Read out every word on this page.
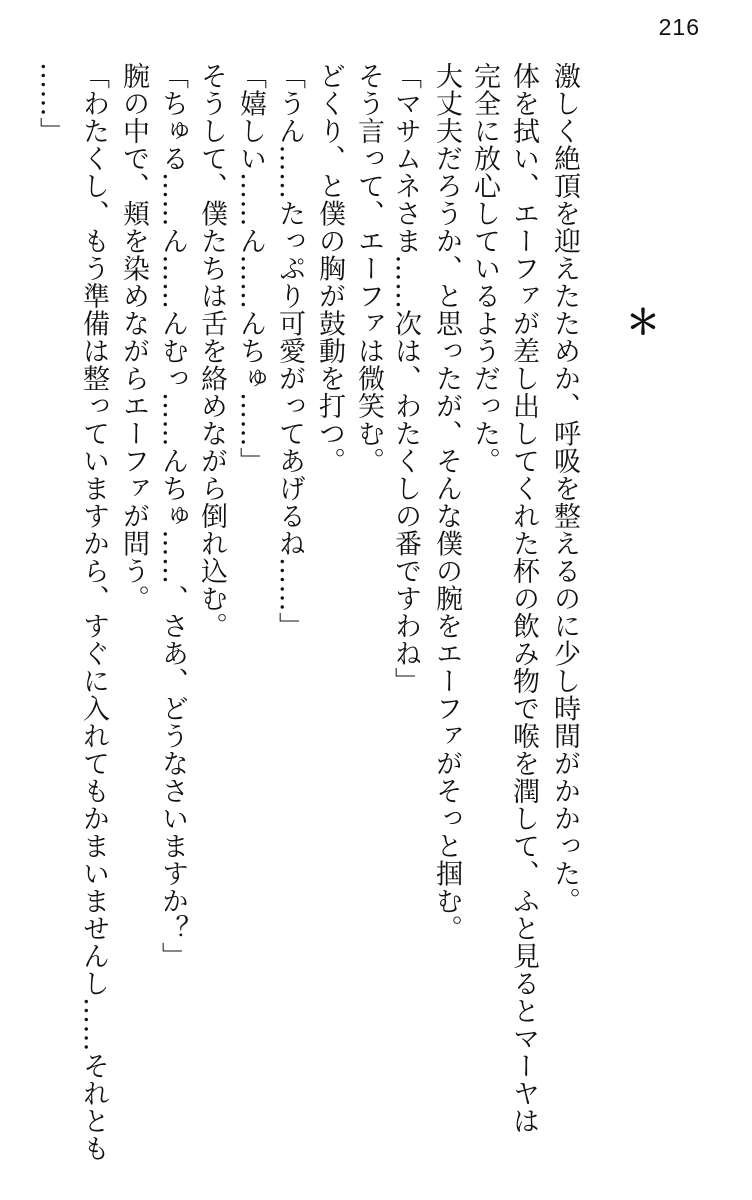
216
＊
激しく絶頂を迎えたためか、呼吸を整えるのに少し時間がかかった。
体を拭い、エーファが差し出してくれた杯の飲み物で喉を潤して、ふと見るとマーヤは
完全に放心しているようだった。
大丈夫だろうか、と思ったが、そんな僕の腕をエーファがそっと掴む。
「マサムネさま……次は、わたくしの番ですわね」
そう言って、エーファは微笑む。
どくり、と僕の胸が鼓動を打つ。
「うん……たっぷり可愛がってあげるね……」
「嬉しい……ん……んちゅ……」
そうして、僕たちは舌を絡めながら倒れ込む。
「ちゅる……ん……んむっ……んちゅ……、さあ、どうなさいますか？」
腕の中で、頬を染めながらエーファが問う。
「わたくし、もう準備は整っていますから、すぐに入れてもかまいませんし……それとも
……」
